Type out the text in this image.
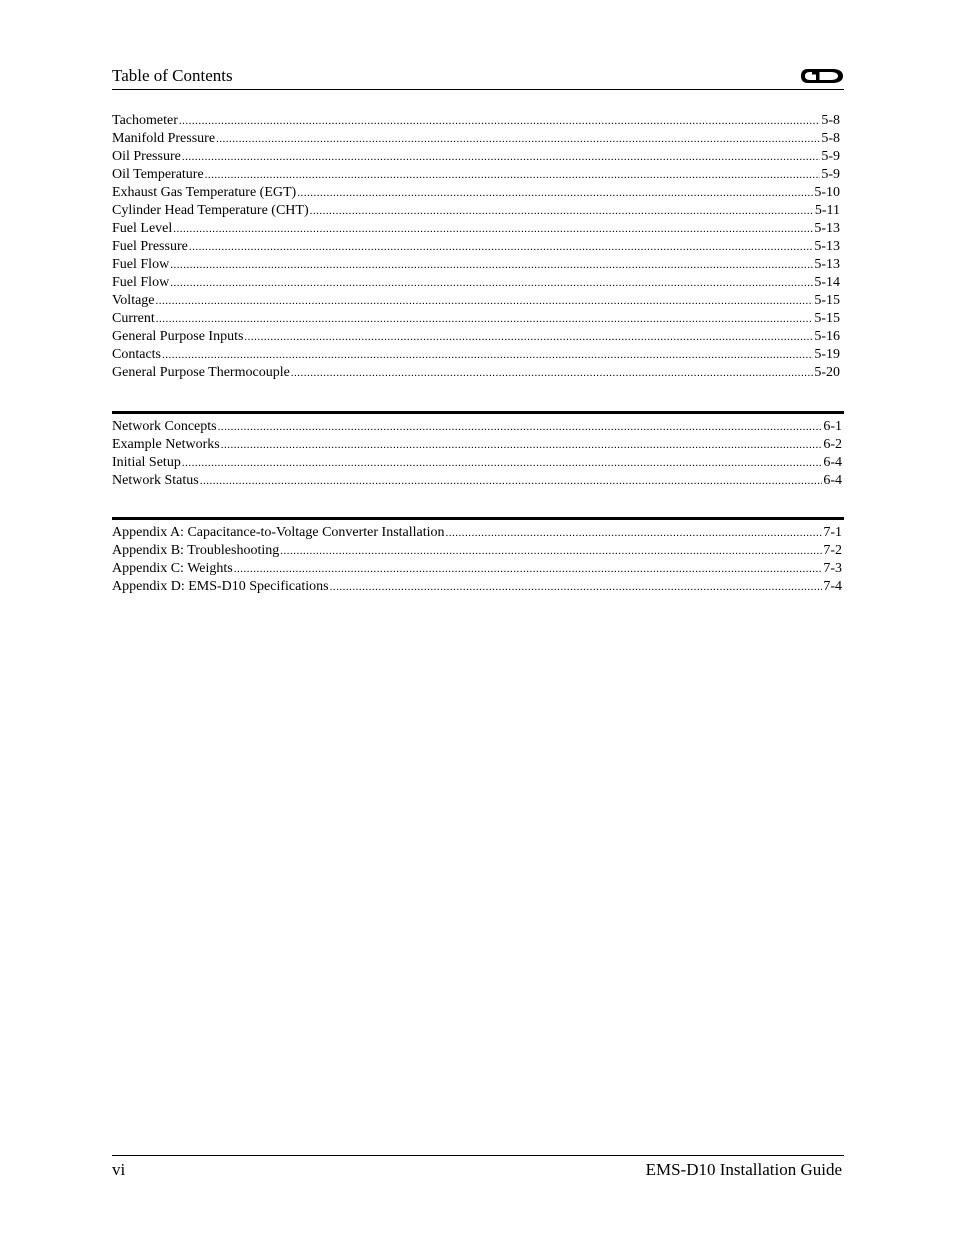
Table of Contents
Tachometer .....	5-8
Manifold Pressure .....	5-8
Oil Pressure .....	5-9
Oil Temperature .....	5-9
Exhaust Gas Temperature (EGT) .....	5-10
Cylinder Head Temperature (CHT) .....	5-11
Fuel Level .....	5-13
Fuel Pressure .....	5-13
Fuel Flow .....	5-13
Fuel Flow .....	5-14
Voltage .....	5-15
Current .....	5-15
General Purpose Inputs .....	5-16
Contacts .....	5-19
General Purpose Thermocouple .....	5-20
Network Concepts .....	6-1
Example Networks .....	6-2
Initial Setup .....	6-4
Network Status .....	6-4
Appendix A: Capacitance-to-Voltage Converter Installation .....	7-1
Appendix B: Troubleshooting .....	7-2
Appendix C: Weights .....	7-3
Appendix D: EMS-D10 Specifications .....	7-4
vi	EMS-D10 Installation Guide
